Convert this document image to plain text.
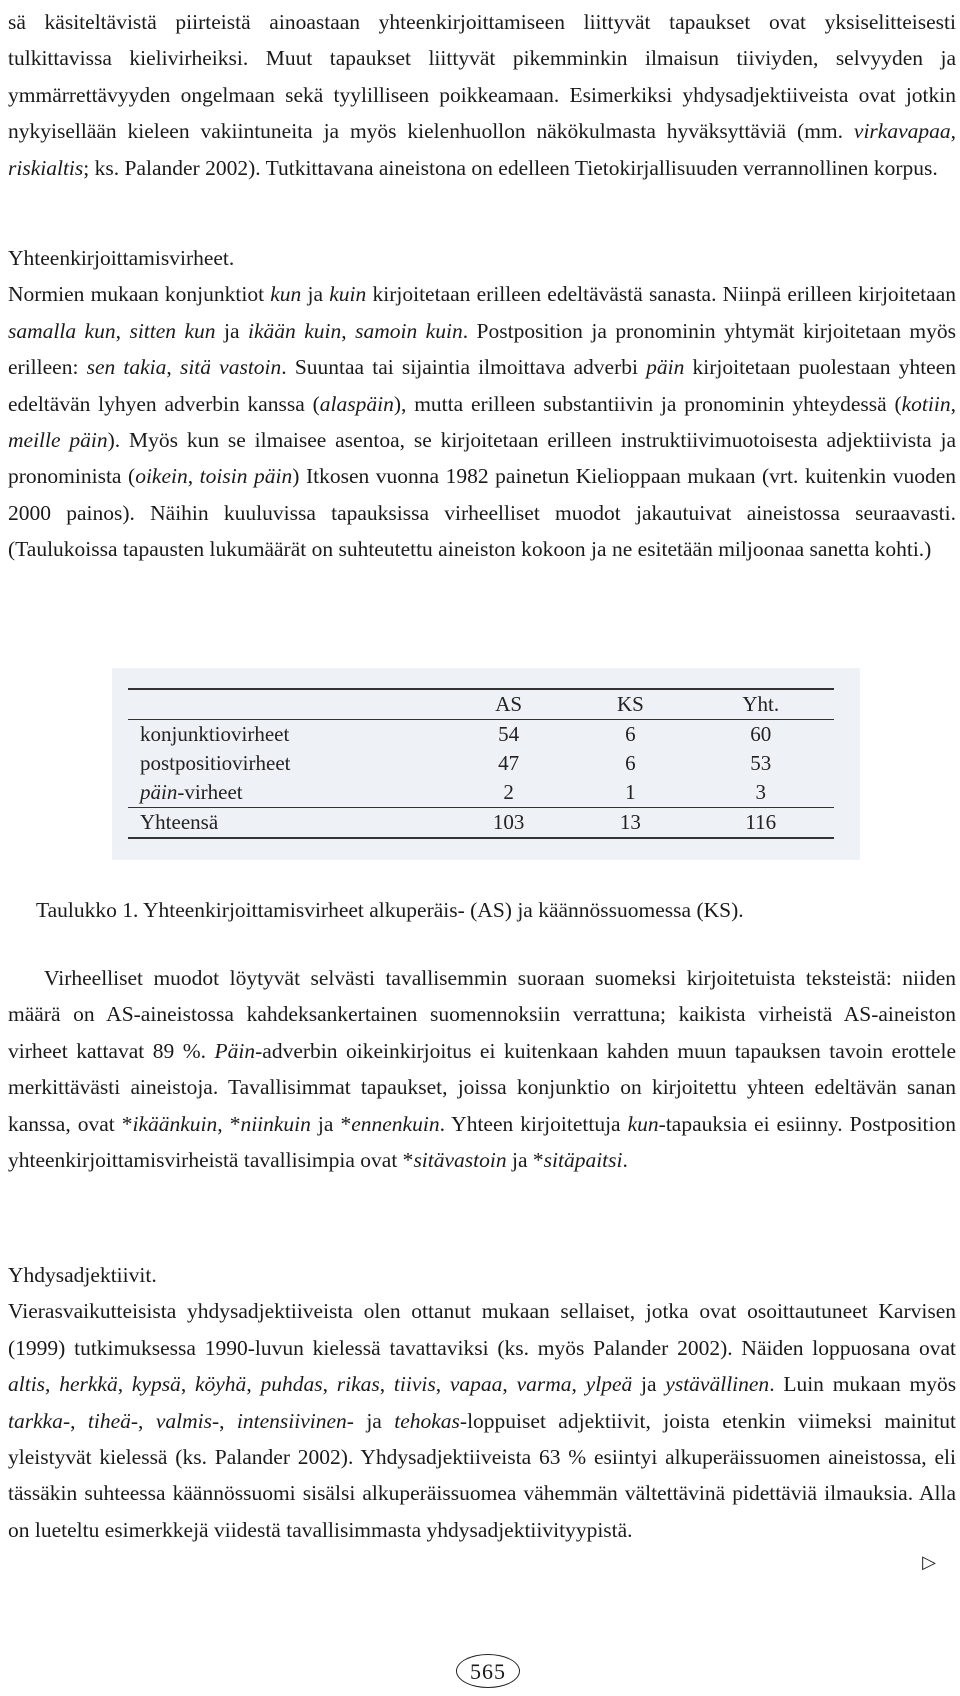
sä käsiteltävistä piirteistä ainoastaan yhteenkirjoittamiseen liittyvät tapaukset ovat yksiselitteisesti tulkittavissa kielivirheiksi. Muut tapaukset liittyvät pikemminkin ilmaisun tiiviyden, selvyyden ja ymmärrettävyyden ongelmaan sekä tyylilliseen poikkeamaan. Esimerkiksi yhdysadjektiiveista ovat jotkin nykyisellään kieleen vakiintuneita ja myös kielenhuollon näkökulmasta hyväksyttäviä (mm. virkavapaa, riskialtis; ks. Palander 2002). Tutkittavana aineistona on edelleen Tietokirjallisuuden verrannollinen korpus.

Yhteenkirjoittamisvirheet.

Normien mukaan konjunktiot kun ja kuin kirjoitetaan erilleen edeltävästä sanasta. Niinpä erilleen kirjoitetaan samalla kun, sitten kun ja ikään kuin, samoin kuin. Postposition ja pronominin yhtymät kirjoitetaan myös erilleen: sen takia, sitä vastoin. Suuntaa tai sijaintia ilmoittava adverbi päin kirjoitetaan puolestaan yhteen edeltävän lyhyen adverbin kanssa (alaspäin), mutta erilleen substantiivin ja pronominin yhteydessä (kotiin, meille päin). Myös kun se ilmaisee asentoa, se kirjoitetaan erilleen instruktiivimuotoisesta adjektiivista ja pronominista (oikein, toisin päin) Itkosen vuonna 1982 painetun Kielioppaan mukaan (vrt. kuitenkin vuoden 2000 painos). Näihin kuuluvissa tapauksissa virheelliset muodot jakautuivat aineistossa seuraavasti. (Taulukoissa tapausten lukumäärät on suhteutettu aineiston kokoon ja ne esitetään miljoonaa sanetta kohti.)

	AS	KS	Yht.
konjunktiovirheet	54	6	60
postpositiovirheet	47	6	53
päin-virheet	2	1	3
Yhteensä	103	13	116
Taulukko 1. Yhteenkirjoittamisvirheet alkuperäis- (AS) ja käännössuomessa (KS).

Virheelliset muodot löytyvät selvästi tavallisemmin suoraan suomeksi kirjoitetuista teksteistä: niiden määrä on AS-aineistossa kahdeksankertainen suomennoksiin verrattuna; kaikista virheistä AS-aineiston virheet kattavat 89 %. Päin-adverbin oikeinkirjoitus ei kuitenkaan kahden muun tapauksen tavoin erottele merkittävästi aineistoja. Tavallisimmat tapaukset, joissa konjunktio on kirjoitettu yhteen edeltävän sanan kanssa, ovat *ikäänkuin, *niinkuin ja *ennenkuin. Yhteen kirjoitettuja kun-tapauksia ei esiinny. Postposition yhteenkirjoittamisvirheistä tavallisimpia ovat *sitävastoin ja *sitäpaitsi.

Yhdysadjektiivit.

Vierasvaikutteisista yhdysadjektiiveista olen ottanut mukaan sellaiset, jotka ovat osoittautuneet Karvisen (1999) tutkimuksessa 1990-luvun kielessä tavattaviksi (ks. myös Palander 2002). Näiden loppuosana ovat altis, herkkä, kypsä, köyhä, puhdas, rikas, tiivis, vapaa, varma, ylpeä ja ystävällinen. Luin mukaan myös tarkka-, tiheä-, valmis-, intensiivinen- ja tehokas-loppuiset adjektiivit, joista etenkin viimeksi mainitut yleistyvät kielessä (ks. Palander 2002). Yhdysadjektiiveista 63 % esiintyi alkuperäissuomen aineistossa, eli tässäkin suhteessa käännössuomi sisälsi alkuperäissuomea vähemmän vältettävinä pidettäviä ilmauksia. Alla on lueteltu esimerkkejä viidestä tavallisimmasta yhdysadjektiivityypistä.

▷
565
